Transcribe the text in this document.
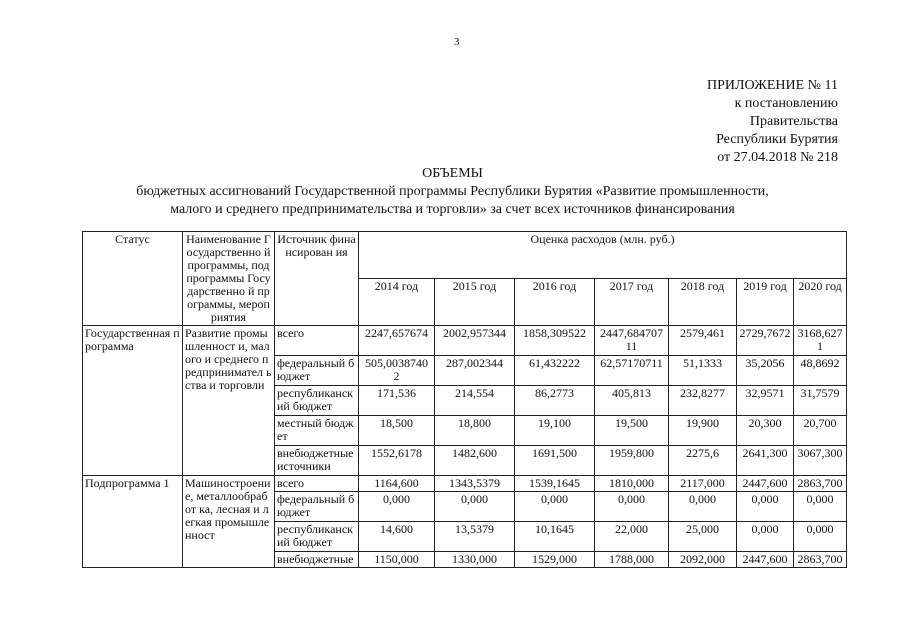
3
ПРИЛОЖЕНИЕ № 11
к постановлению
Правительства
Республики Бурятия
от 27.04.2018 № 218
ОБЪЕМЫ
бюджетных ассигнований Государственной программы Республики Бурятия «Развитие промышленности,
малого и среднего предпринимательства и торговли» за счет всех источников финансирования
Статус	Наименование Государственно й программы, подпрограммы Государственно й программы, мероприятия	Источник финансирован ия	Оценка расходов (млн. руб.)						
			2014 год	2015 год	2016 год	2017 год	2018 год	2019 год	2020 год
Государственная программа	Развитие промышленност и, малого и среднего предпринимател ьства и торговли	всего	2247,657674	2002,957344	1858,309522	2447,684707 11	2579,461	2729,7672	3168,627 1
		федеральный бюджет	505,0038740 2	287,002344	61,432222	62,57170711	51,1333	35,2056	48,8692
		республиканск ий бюджет	171,536	214,554	86,2773	405,813	232,8277	32,9571	31,7579
		местный бюджет	18,500	18,800	19,100	19,500	19,900	20,300	20,700
		внебюджетные источники	1552,6178	1482,600	1691,500	1959,800	2275,6	2641,300	3067,300
Подпрограмма 1	Машиностроени е, металлообработ ка, лесная и легкая промышленност	всего	1164,600	1343,5379	1539,1645	1810,000	2117,000	2447,600	2863,700
		федеральный бюджет	0,000	0,000	0,000	0,000	0,000	0,000	0,000
		республиканск ий бюджет	14,600	13,5379	10,1645	22,000	25,000	0,000	0,000
		внебюджетные	1150,000	1330,000	1529,000	1788,000	2092,000	2447,600	2863,700
